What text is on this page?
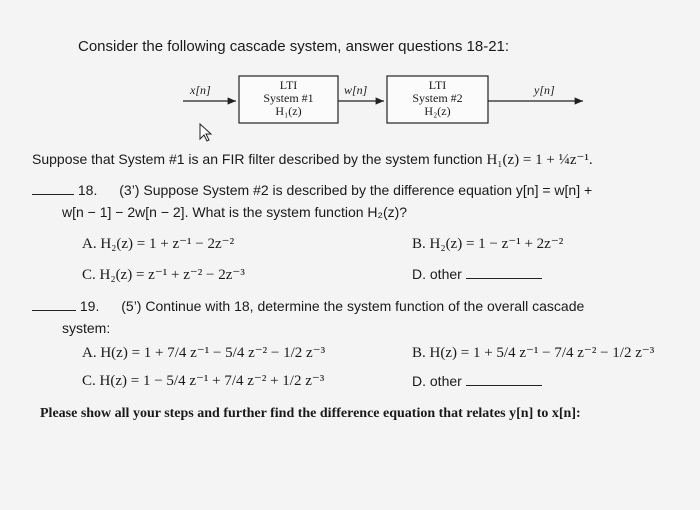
Consider the following cascade system, answer questions 18-21:
x[n]	LTI
System #1
H₁(z)
w[n]	LTI
System #2
H₂(z)
y[n]
Suppose that System #1 is an FIR filter described by the system function H₁(z) = 1 + ¼z⁻¹.
18. (3’) Suppose System #2 is described by the difference equation y[n] = w[n] +
w[n − 1] − 2w[n − 2]. What is the system function H₂(z)?
A. H₂(z) = 1 + z⁻¹ − 2z⁻²	B. H₂(z) = 1 − z⁻¹ + 2z⁻²
C. H₂(z) = z⁻¹ + z⁻² − 2z⁻³	D. other
19. (5’) Continue with 18, determine the system function of the overall cascade
system:
A. H(z) = 1 + 7/4 z⁻¹ − 5/4 z⁻² − 1/2 z⁻³	B. H(z) = 1 + 5/4 z⁻¹ − 7/4 z⁻² − 1/2 z⁻³
C. H(z) = 1 − 5/4 z⁻¹ + 7/4 z⁻² + 1/2 z⁻³	D. other
Please show all your steps and further find the difference equation that relates y[n] to x[n]:
